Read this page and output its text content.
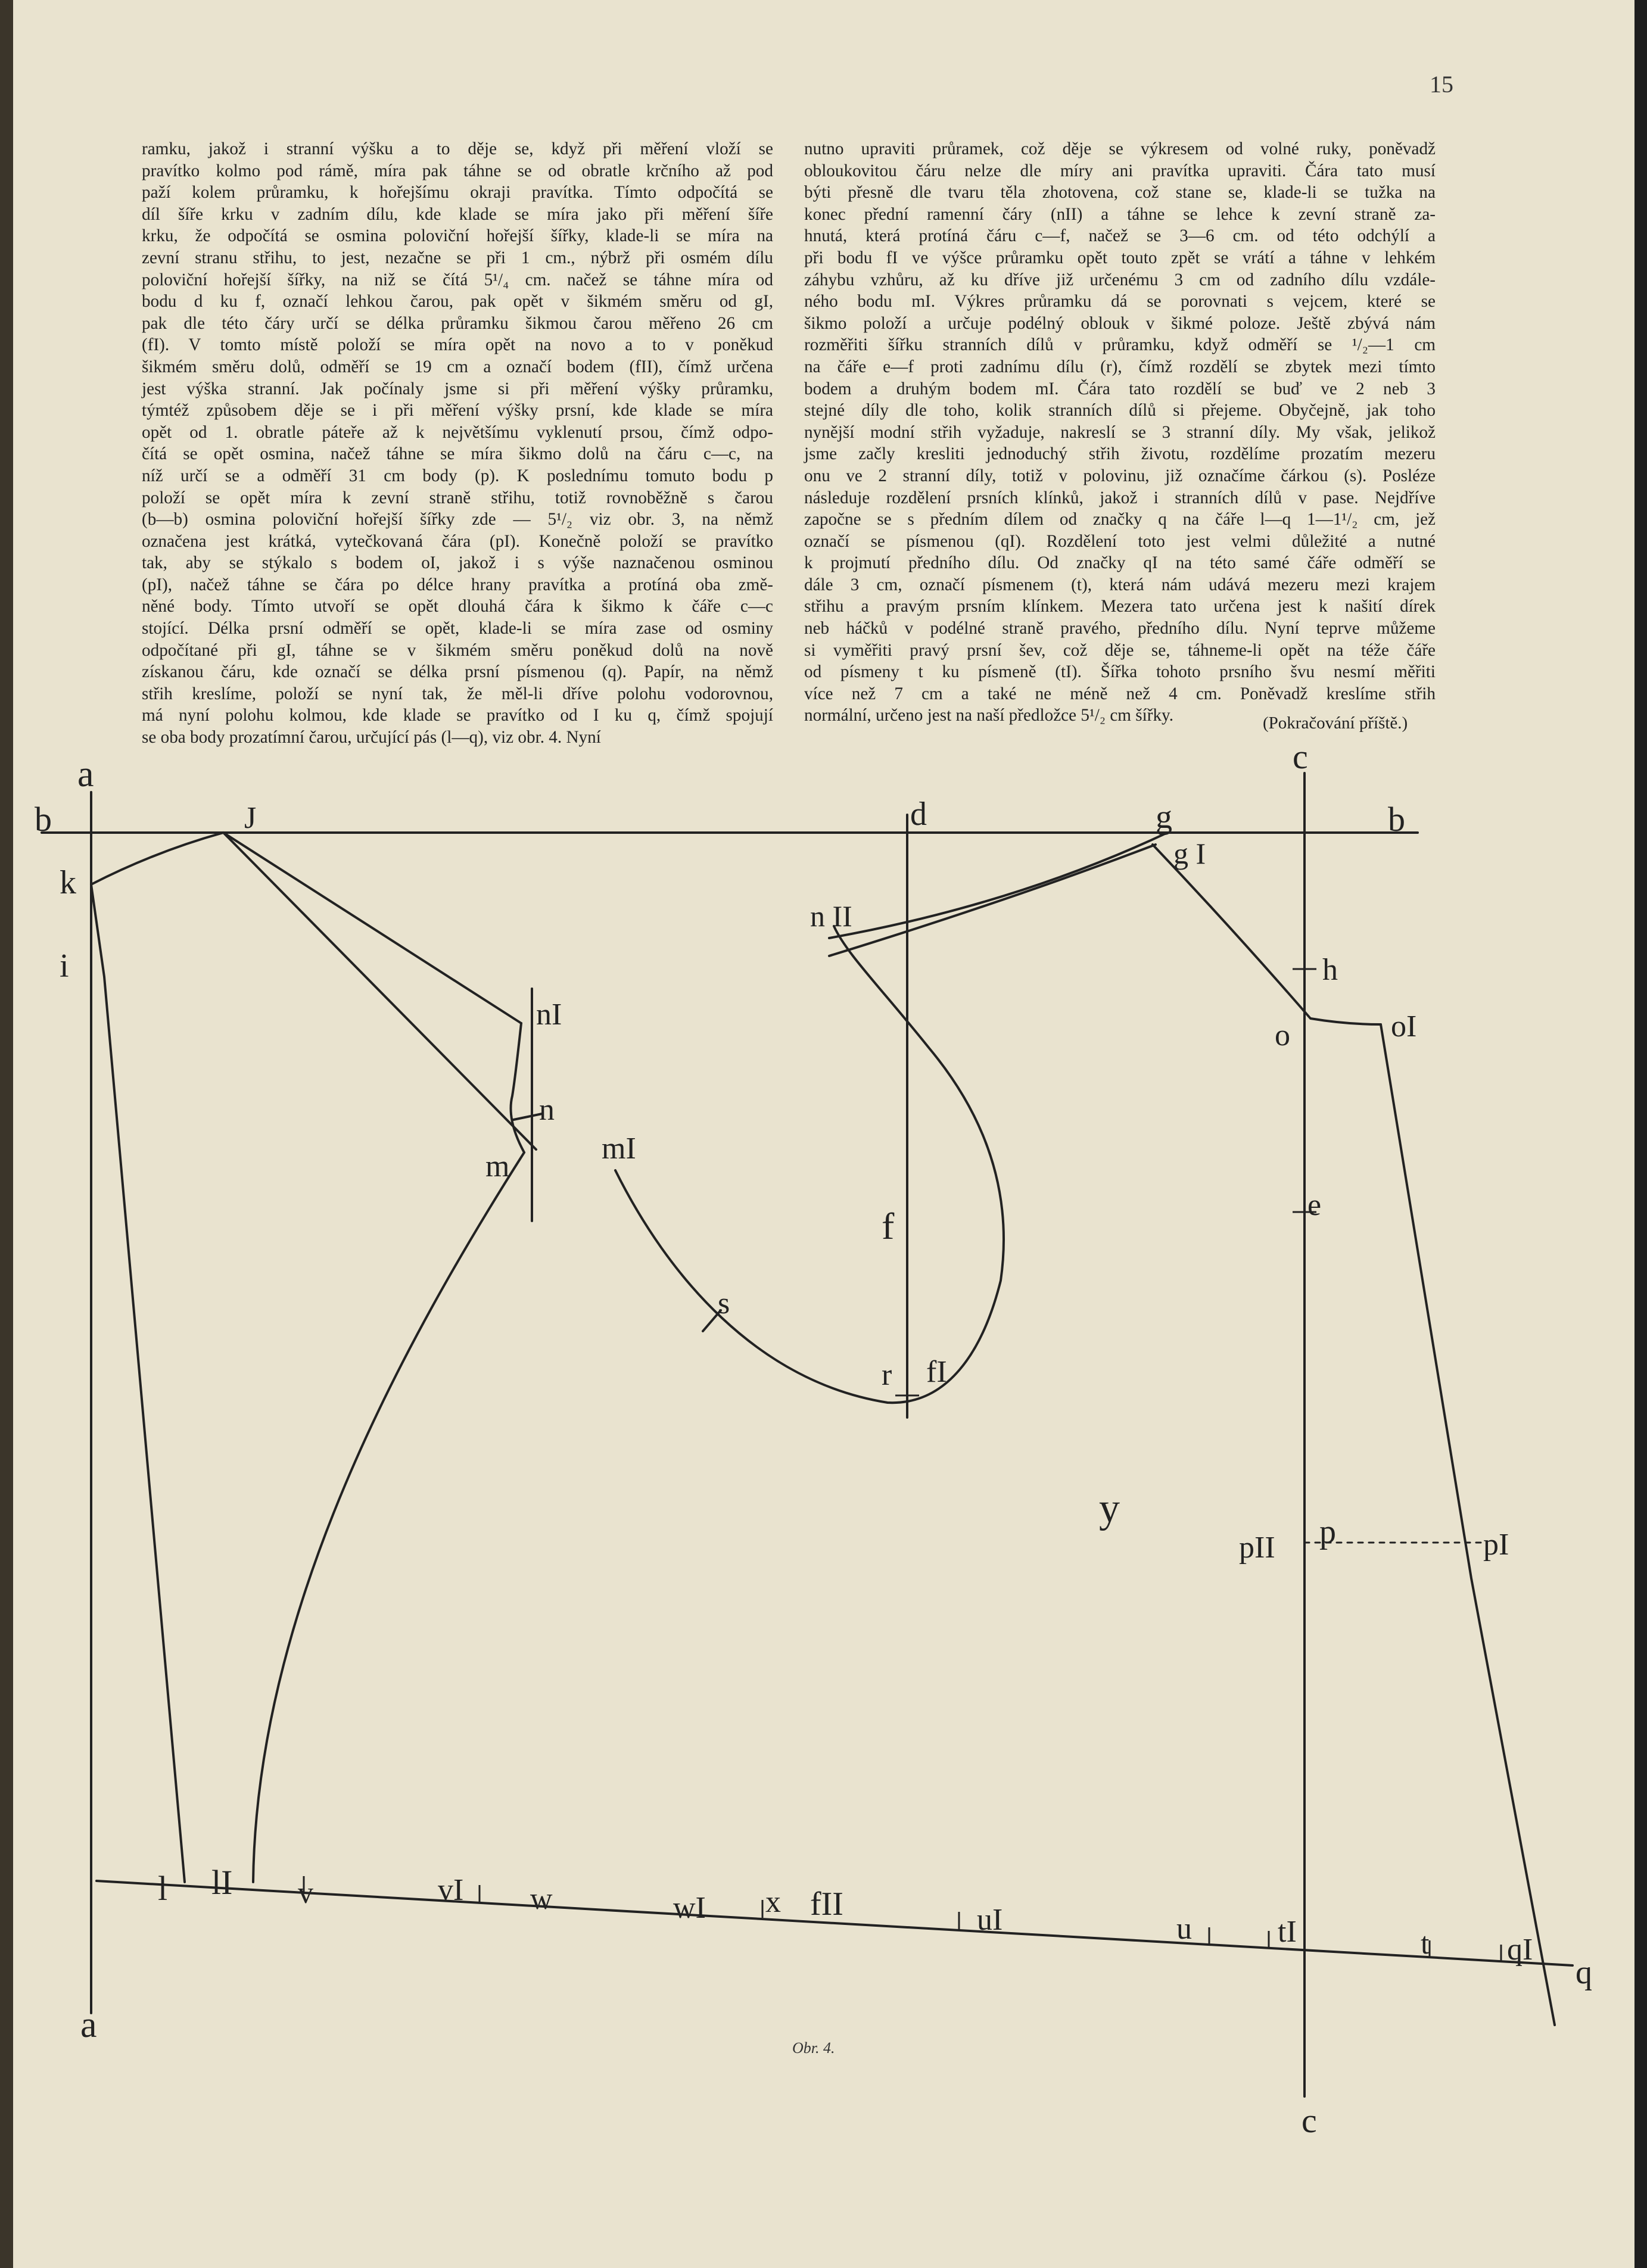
15
ramku, jakož i stranní výšku a to děje se, když při měření vloží se
pravítko kolmo pod rámě, míra pak táhne se od obratle krčního až pod
paží kolem průramku, k hořejšímu okraji pravítka. Tímto odpočítá se
díl šíře krku v zadním dílu, kde klade se míra jako při měření šíře
krku, že odpočítá se osmina poloviční hořejší šířky, klade-li se míra na
zevní stranu střihu, to jest, nezačne se při 1 cm., nýbrž při osmém dílu
poloviční hořejší šířky, na niž se čítá 5¹/₄ cm. načež se táhne míra od
bodu d ku f, označí lehkou čarou, pak opět v šikmém směru od gI,
pak dle této čáry určí se délka průramku šikmou čarou měřeno 26 cm
(fI). V tomto místě položí se míra opět na novo a to v poněkud
šikmém směru dolů, odměří se 19 cm a označí bodem (fII), čímž určena
jest výška stranní. Jak počínaly jsme si při měření výšky průramku,
týmtéž způsobem děje se i při měření výšky prsní, kde klade se míra
opět od 1. obratle páteře až k největšímu vyklenutí prsou, čímž odpo-
čítá se opět osmina, načež táhne se míra šikmo dolů na čáru c—c, na
níž určí se a odměří 31 cm body (p). K poslednímu tomuto bodu p
položí se opět míra k zevní straně střihu, totiž rovnoběžně s čarou
(b—b) osmina poloviční hořejší šířky zde — 5¹/₂ viz obr. 3, na němž
označena jest krátká, vytečkovaná čára (pI). Konečně položí se pravítko
tak, aby se stýkalo s bodem oI, jakož i s výše naznačenou osminou
(pI), načež táhne se čára po délce hrany pravítka a protíná oba změ-
něné body. Tímto utvoří se opět dlouhá čára k šikmo k čáře c—c
stojící. Délka prsní odměří se opět, klade-li se míra zase od osminy
odpočítané při gI, táhne se v šikmém směru poněkud dolů na nově
získanou čáru, kde označí se délka prsní písmenou (q). Papír, na němž
střih kreslíme, položí se nyní tak, že měl-li dříve polohu vodorovnou,
má nyní polohu kolmou, kde klade se pravítko od I ku q, čímž spojují
se oba body prozatímní čarou, určující pás (l—q), viz obr. 4. Nyní
nutno upraviti průramek, což děje se výkresem od volné ruky, poněvadž
obloukovitou čáru nelze dle míry ani pravítka upraviti. Čára tato musí
býti přesně dle tvaru těla zhotovena, což stane se, klade-li se tužka na
konec přední ramenní čáry (nII) a táhne se lehce k zevní straně za-
hnutá, která protíná čáru c—f, načež se 3—6 cm. od této odchýlí a
při bodu fI ve výšce průramku opět touto zpět se vrátí a táhne v lehkém
záhybu vzhůru, až ku dříve již určenému 3 cm od zadního dílu vzdále-
ného bodu mI. Výkres průramku dá se porovnati s vejcem, které se
šikmo položí a určuje podélný oblouk v šikmé poloze. Ještě zbývá nám
rozměřiti šířku stranních dílů v průramku, když odměří se ¹/₂—1 cm
na čáře e—f proti zadnímu dílu (r), čímž rozdělí se zbytek mezi tímto
bodem a druhým bodem mI. Čára tato rozdělí se buď ve 2 neb 3
stejné díly dle toho, kolik stranních dílů si přejeme. Obyčejně, jak toho
nynější modní střih vyžaduje, nakreslí se 3 stranní díly. My však, jelikož
jsme začly kresliti jednoduchý střih životu, rozdělíme prozatím mezeru
onu ve 2 stranní díly, totiž v polovinu, již označíme čárkou (s). Posléze
následuje rozdělení prsních klínků, jakož i stranních dílů v pase. Nejdříve
započne se s předním dílem od značky q na čáře l—q 1—1¹/₂ cm, jež
označí se písmenou (qI). Rozdělení toto jest velmi důležité a nutné
k projmutí předního dílu. Od značky qI na této samé čáře odměří se
dále 3 cm, označí písmenem (t), která nám udává mezeru mezi krajem
střihu a pravým prsním klínkem. Mezera tato určena jest k našití dírek
neb háčků v podélné straně pravého, předního dílu. Nyní teprve můžeme
si vyměřiti pravý prsní šev, což děje se, táhneme-li opět na téže čáře
od písmeny t ku písmeně (tI). Šířka tohoto prsního švu nesmí měřiti
více než 7 cm a také ne méně než 4 cm. Poněvadž kreslíme střih
normální, určeno jest na naší předložce 5¹/₂ cm šířky.	(Pokračování příště.)
a
a
b	b
c
c
d	g
g I
J
k
i
nI
n
m
mI
n II
f
s
r fI
h
o	oI
e
y
pII p	pI
l lI v	vI w	wI x fII	uI	u	tI	t	qI
q
Obr. 4.
